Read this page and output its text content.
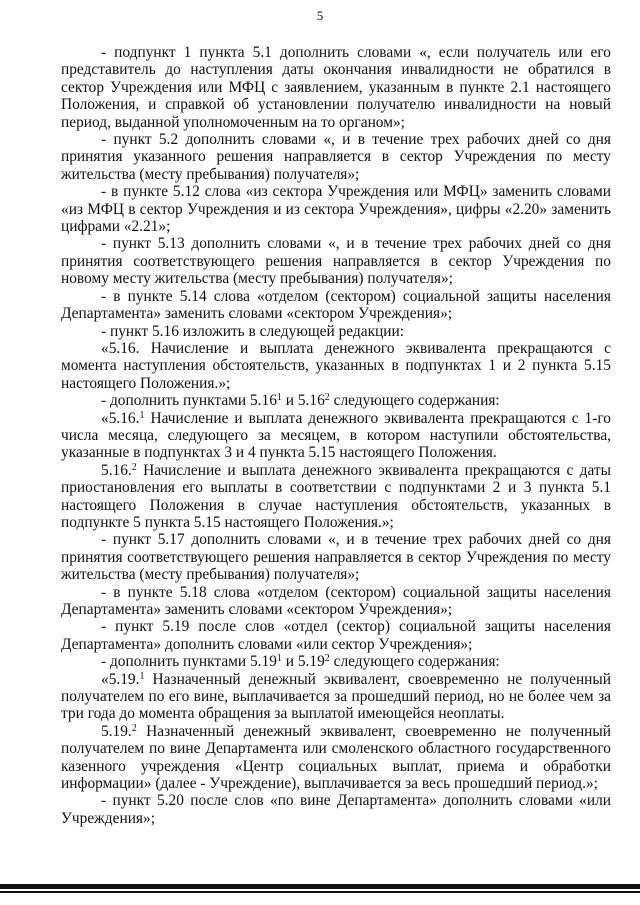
5

- подпункт 1 пункта 5.1 дополнить словами «, если получатель или его представитель до наступления даты окончания инвалидности не обратился в сектор Учреждения или МФЦ с заявлением, указанным в пункте 2.1 настоящего Положения, и справкой об установлении получателю инвалидности на новый период, выданной уполномоченным на то органом»;

- пункт 5.2 дополнить словами «, и в течение трех рабочих дней со дня принятия указанного решения направляется в сектор Учреждения по месту жительства (месту пребывания) получателя»;

- в пункте 5.12 слова «из сектора Учреждения или МФЦ» заменить словами «из МФЦ в сектор Учреждения и из сектора Учреждения», цифры «2.20» заменить цифрами «2.21»;

- пункт 5.13 дополнить словами «, и в течение трех рабочих дней со дня принятия соответствующего решения направляется в сектор Учреждения по новому месту жительства (месту пребывания) получателя»;

- в пункте 5.14 слова «отделом (сектором) социальной защиты населения Департамента» заменить словами «сектором Учреждения»;

- пункт 5.16 изложить в следующей редакции:

«5.16. Начисление и выплата денежного эквивалента прекращаются с момента наступления обстоятельств, указанных в подпунктах 1 и 2 пункта 5.15 настоящего Положения.»;

- дополнить пунктами 5.16$^1$ и 5.16$^2$ следующего содержания:

«5.16.$^1$ Начисление и выплата денежного эквивалента прекращаются с 1-го числа месяца, следующего за месяцем, в котором наступили обстоятельства, указанные в подпунктах 3 и 4 пункта 5.15 настоящего Положения.

5.16.$^2$ Начисление и выплата денежного эквивалента прекращаются с даты приостановления его выплаты в соответствии с подпунктами 2 и 3 пункта 5.1 настоящего Положения в случае наступления обстоятельств, указанных в подпункте 5 пункта 5.15 настоящего Положения.»;

- пункт 5.17 дополнить словами «, и в течение трех рабочих дней со дня принятия соответствующего решения направляется в сектор Учреждения по месту жительства (месту пребывания) получателя»;

- в пункте 5.18 слова «отделом (сектором) социальной защиты населения Департамента» заменить словами «сектором Учреждения»;

- пункт 5.19 после слов «отдел (сектор) социальной защиты населения Департамента» дополнить словами «или сектор Учреждения»;

- дополнить пунктами 5.19$^1$ и 5.19$^2$ следующего содержания:

«5.19.$^1$ Назначенный денежный эквивалент, своевременно не полученный получателем по его вине, выплачивается за прошедший период, но не более чем за три года до момента обращения за выплатой имеющейся неоплаты.

5.19.$^2$ Назначенный денежный эквивалент, своевременно не полученный получателем по вине Департамента или смоленского областного государственного казенного учреждения «Центр социальных выплат, приема и обработки информации» (далее - Учреждение), выплачивается за весь прошедший период.»;

- пункт 5.20 после слов «по вине Департамента» дополнить словами «или Учреждения»;
